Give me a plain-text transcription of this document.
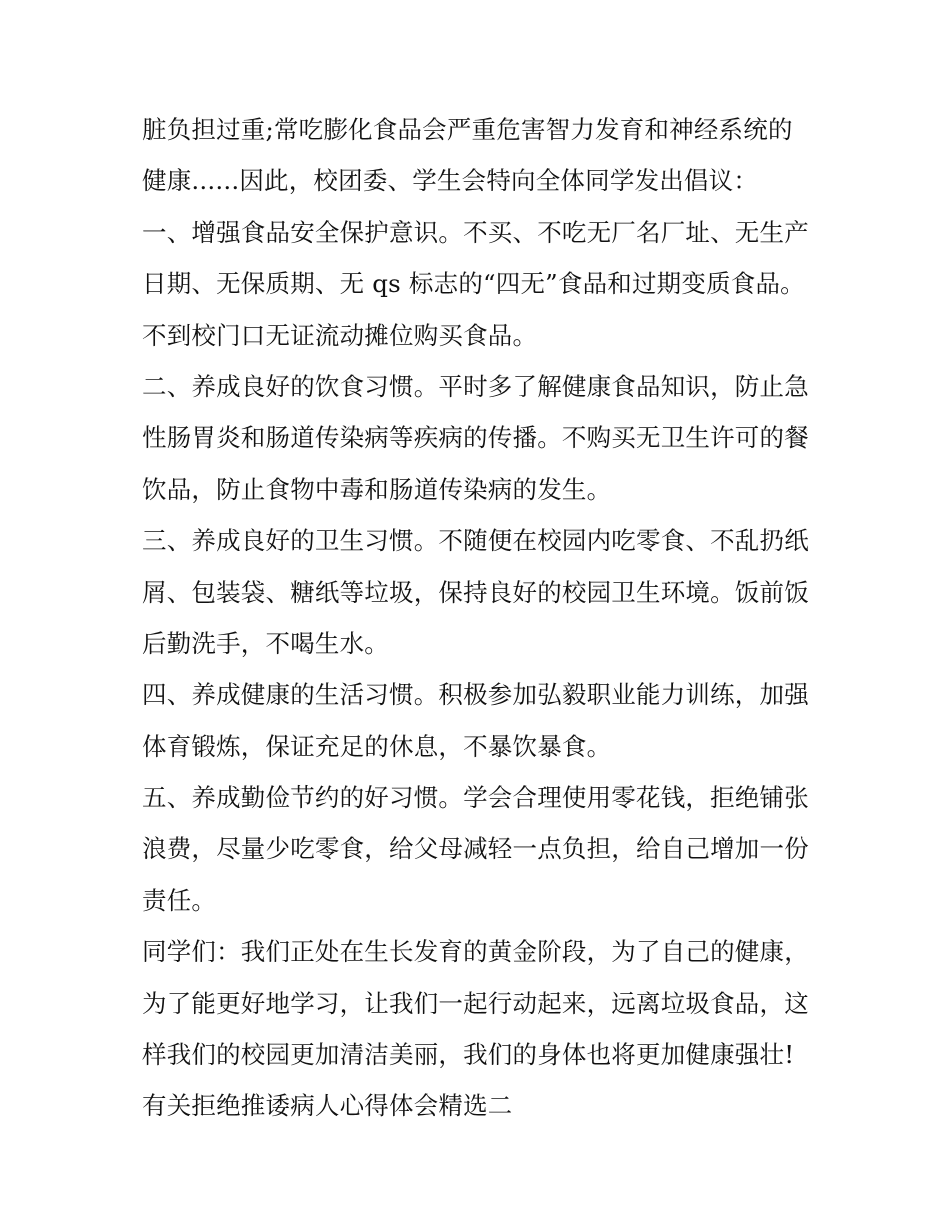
脏负担过重;常吃膨化食品会严重危害智力发育和神经系统的

健康......因此，校团委、学生会特向全体同学发出倡议：

一、增强食品安全保护意识。不买、不吃无厂名厂址、无生产

日期、无保质期、无 qs 标志的“四无”食品和过期变质食品。

不到校门口无证流动摊位购买食品。

二、养成良好的饮食习惯。平时多了解健康食品知识，防止急

性肠胃炎和肠道传染病等疾病的传播。不购买无卫生许可的餐

饮品，防止食物中毒和肠道传染病的发生。

三、养成良好的卫生习惯。不随便在校园内吃零食、不乱扔纸

屑、包装袋、糖纸等垃圾，保持良好的校园卫生环境。饭前饭

后勤洗手，不喝生水。

四、养成健康的生活习惯。积极参加弘毅职业能力训练，加强

体育锻炼，保证充足的休息，不暴饮暴食。

五、养成勤俭节约的好习惯。学会合理使用零花钱，拒绝铺张

浪费，尽量少吃零食，给父母减轻一点负担，给自己增加一份

责任。

同学们：我们正处在生长发育的黄金阶段，为了自己的健康，

为了能更好地学习，让我们一起行动起来，远离垃圾食品，这

样我们的校园更加清洁美丽，我们的身体也将更加健康强壮!

有关拒绝推诿病人心得体会精选二
